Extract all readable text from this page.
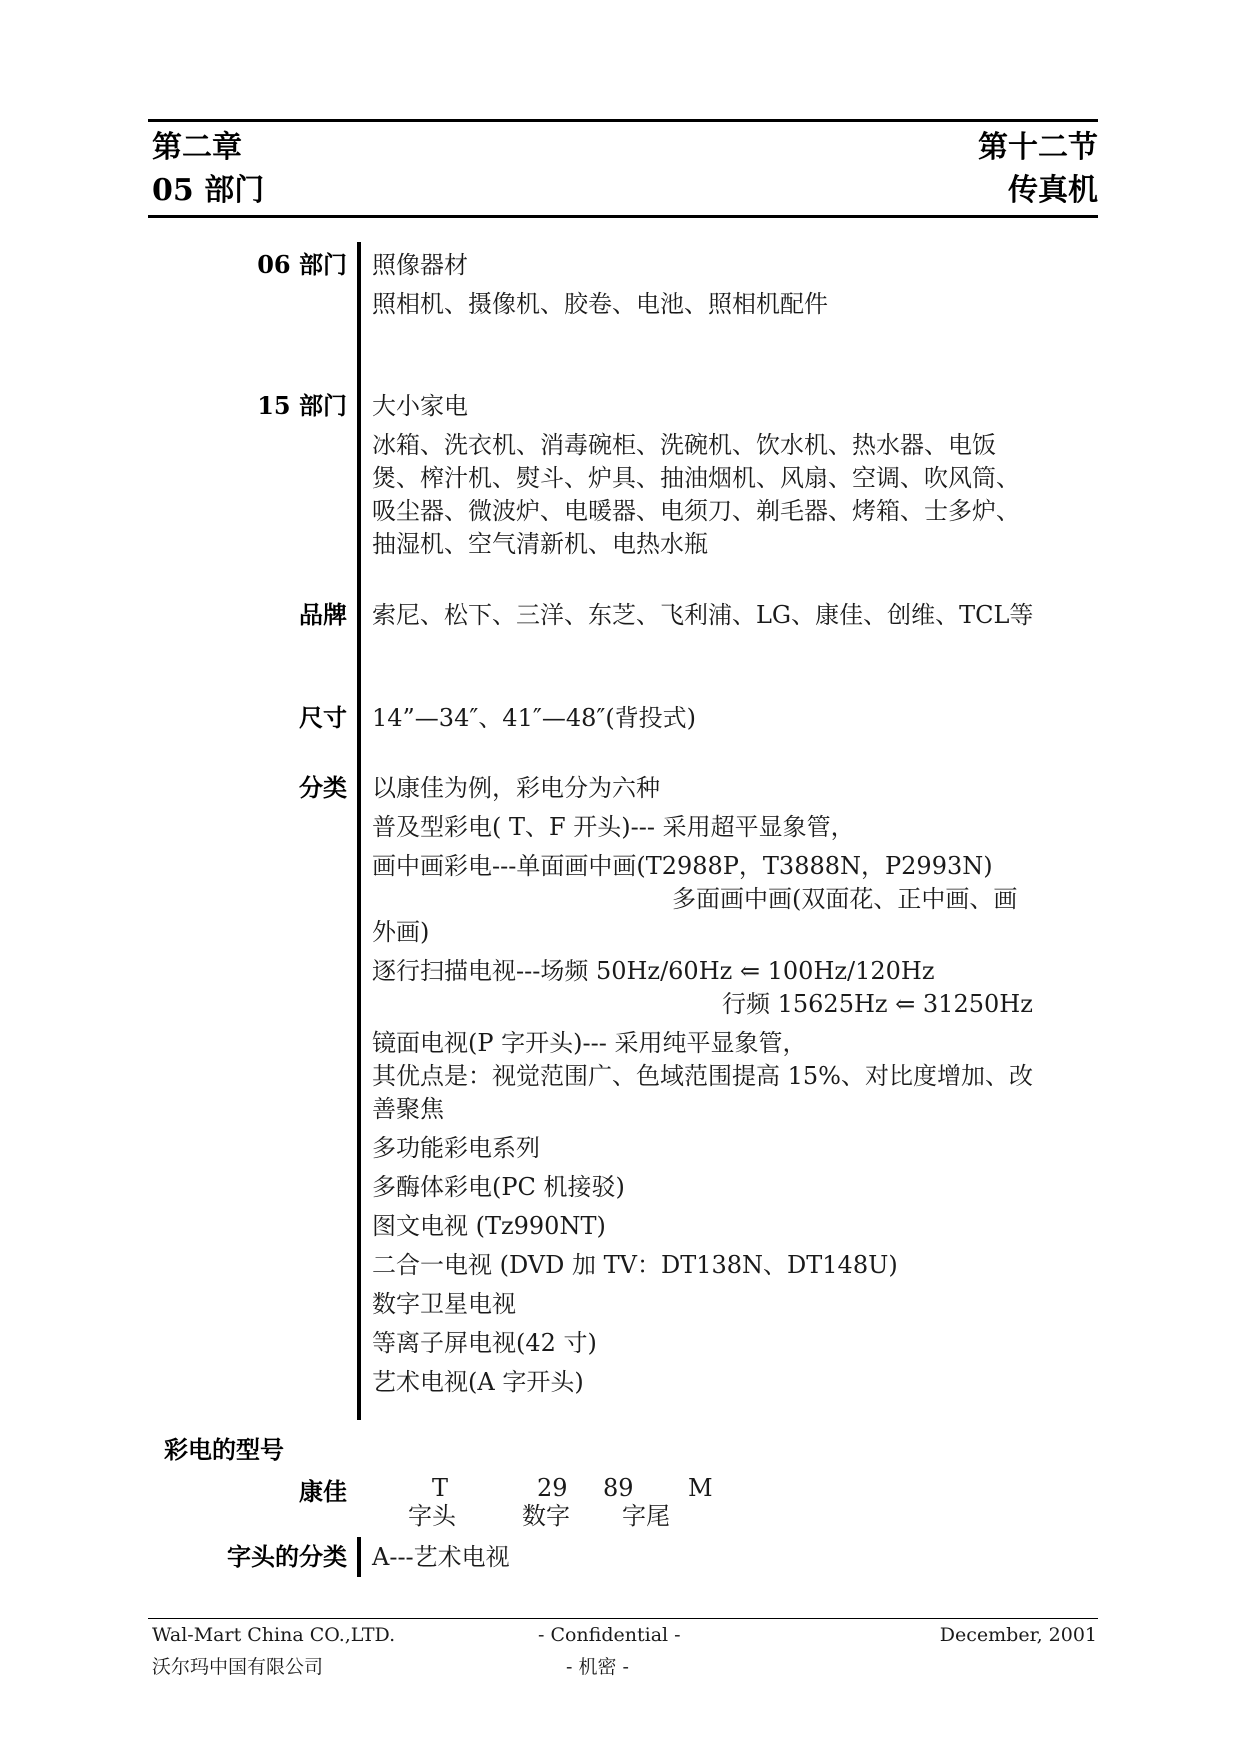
第二章
05 部门
第十二节
传真机
06 部门 照像器材

照相机、摄像机、胶卷、电池、照相机配件

15 部门 大小家电

冰箱、洗衣机、消毒碗柜、洗碗机、饮水机、热水器、电饭煲、榨汁机、熨斗、炉具、抽油烟机、风扇、空调、吹风筒、吸尘器、微波炉、电暖器、电须刀、剃毛器、烤箱、士多炉、抽湿机、空气清新机、电热水瓶

品牌 索尼、松下、三洋、东芝、飞利浦、LG、康佳、创维、TCL等

尺寸 14”—34″、41″—48″(背投式)

分类 以康佳为例，彩电分为六种

普及型彩电( T、F 开头)--- 采用超平显象管，

画中画彩电---单面画中画(T2988P，T3888N，P2993N)

多面画中画(双面花、正中画、画

外画)

逐行扫描电视---场频 50Hz/60Hz ⇐ 100Hz/120Hz

行频 15625Hz ⇐ 31250Hz

镜面电视(P 字开头)--- 采用纯平显象管，

其优点是：视觉范围广、色域范围提高 15%、对比度增加、改善聚焦

多功能彩电系列

多酶体彩电(PC 机接驳)

图文电视 (Tz990NT)

二合一电视 (DVD 加 TV：DT138N、DT148U)

数字卫星电视

等离子屏电视(42 寸)

艺术电视(A 字开头)

彩电的型号
康佳	T	29 89 M
字头	数字 字尾
字头的分类 A---艺术电视

Wal-Mart China CO.,LTD.
沃尔玛中国有限公司
- Confidential -
- 机密 -
December, 2001
